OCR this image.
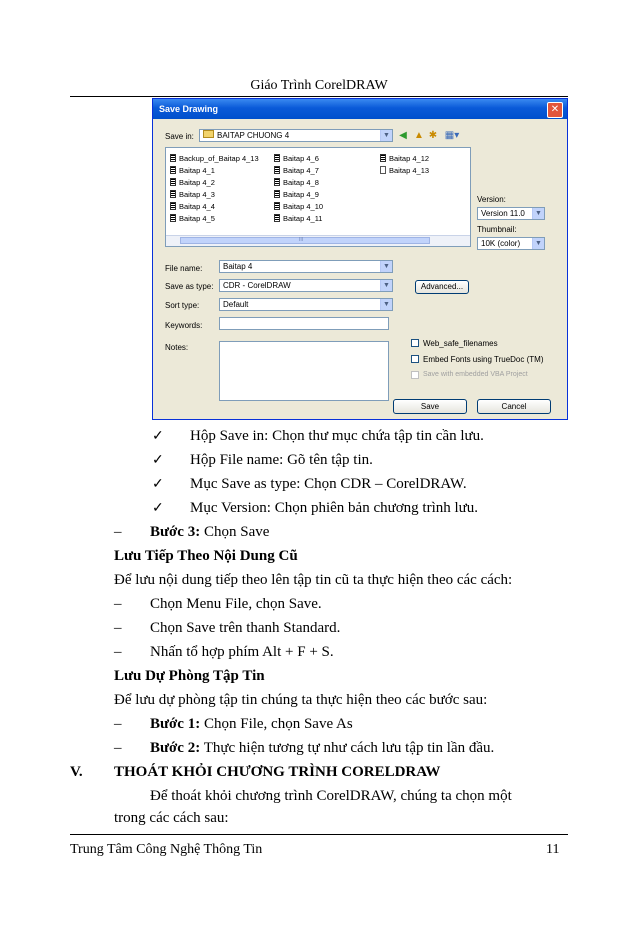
Giáo Trình CorelDRAW
Save Drawing	✕
Save in:	BAITAP CHUONG 4	▼ ◀ ▲ ✱ ▦▾
Backup_of_Baitap 4_13
Baitap 4_1
Baitap 4_2
Baitap 4_3
Baitap 4_4
Baitap 4_5
Baitap 4_6
Baitap 4_7
Baitap 4_8
Baitap 4_9
Baitap 4_10
Baitap 4_11
Baitap 4_12
Baitap 4_13
III
Version:
Version 11.0	▼
Thumbnail:
10K (color)	▼
File name:	Baitap 4	▼
Save as type:	CDR - CorelDRAW	▼	Advanced...
Sort type:	Default	▼
Keywords:
Notes:	Web_safe_filenames
Embed Fonts using TrueDoc (TM)
Save with embedded VBA Project
Save	Cancel
✓ Hộp Save in: Chọn thư mục chứa tập tin cần lưu.
✓ Hộp File name: Gõ tên tập tin.
✓ Mục Save as type: Chọn CDR – CorelDRAW.
✓ Mục Version: Chọn phiên bản chương trình lưu.
– Bước 3: Chọn Save
Lưu Tiếp Theo Nội Dung Cũ
Để lưu nội dung tiếp theo lên tập tin cũ ta thực hiện theo các cách:
– Chọn Menu File, chọn Save.
– Chọn Save trên thanh Standard.
– Nhấn tổ hợp phím Alt + F + S.
Lưu Dự Phòng Tập Tin
Để lưu dự phòng tập tin chúng ta thực hiện theo các bước sau:
– Bước 1: Chọn File, chọn Save As
– Bước 2: Thực hiện tương tự như cách lưu tập tin lần đầu.
V. THOÁT KHỎI CHƯƠNG TRÌNH CORELDRAW
Để thoát khỏi chương trình CorelDRAW, chúng ta chọn một
trong các cách sau:
Trung Tâm Công Nghệ Thông Tin	11
